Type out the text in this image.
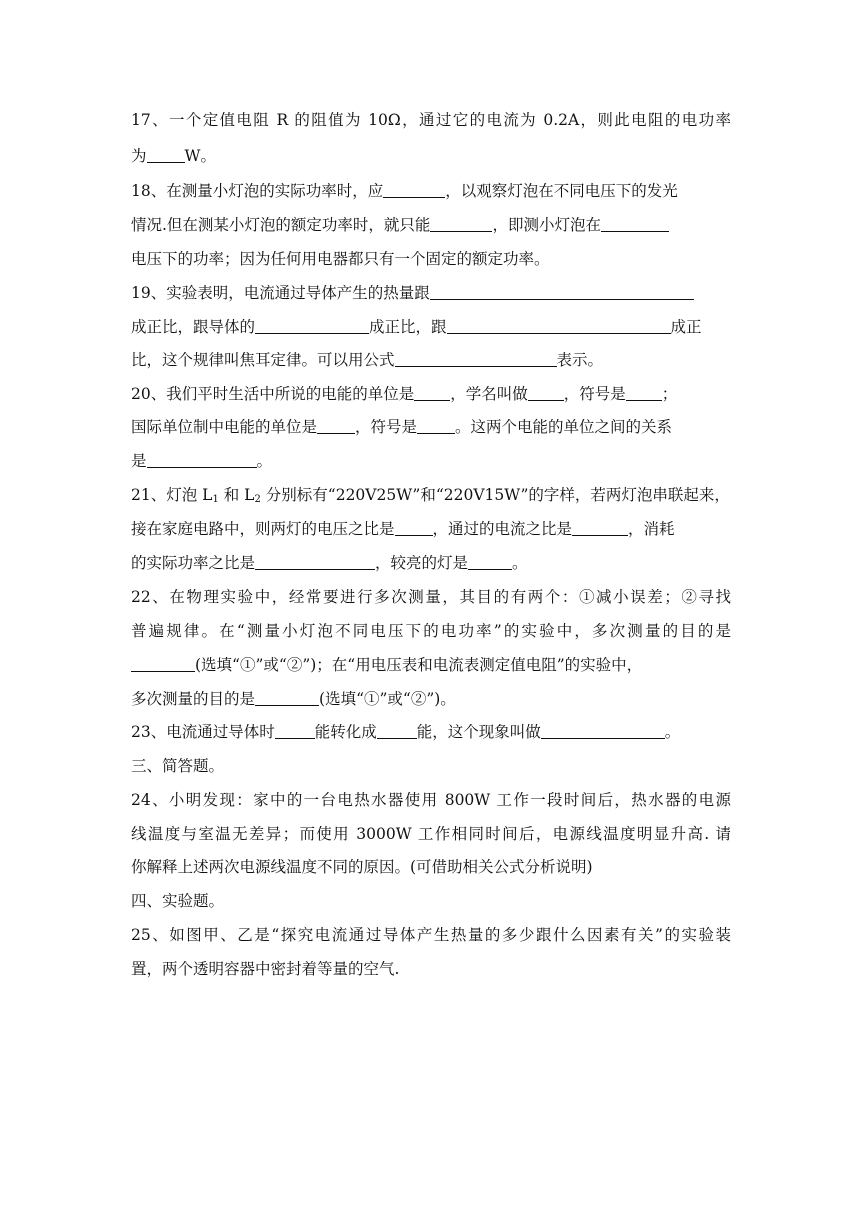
17、一个定值电阻 R 的阻值为 10Ω，通过它的电流为 0.2A，则此电阻的电功率
为 W。
18、在测量小灯泡的实际功率时，应	，以观察灯泡在不同电压下的发光
情况.但在测某小灯泡的额定功率时，就只能	，即测小灯泡在
电压下的功率；因为任何用电器都只有一个固定的额定功率。
19、实验表明，电流通过导体产生的热量跟
成正比，跟导体的	成正比，跟	成正
比，这个规律叫焦耳定律。可以用公式	表示。
20、我们平时生活中所说的电能的单位是 ，学名叫做 ，符号是 ；
国际单位制中电能的单位是 ，符号是 。这两个电能的单位之间的关系
是	。
21、灯泡 $L_1$ 和 $L_2$ 分别标有“220V25W”和“220V15W”的字样，若两灯泡串联起来，
接在家庭电路中，则两灯的电压之比是 ，通过的电流之比是	，消耗
的实际功率之比是	，较亮的灯是	。
22、在物理实验中，经常要进行多次测量，其目的有两个：①减小误差；②寻找
普遍规律。在“测量小灯泡不同电压下的电功率”的实验中，多次测量的目的是
(选填“①”或“②”)；在“用电压表和电流表测定值电阻”的实验中，
多次测量的目的是	(选填“①”或“②”)。
23、电流通过导体时	能转化成	能，这个现象叫做	。
三、简答题。
24、小明发现：家中的一台电热水器使用 800W 工作一段时间后，热水器的电源
线温度与室温无差异；而使用 3000W 工作相同时间后，电源线温度明显升高. 请
你解释上述两次电源线温度不同的原因。(可借助相关公式分析说明)
四、实验题。
25、如图甲、乙是“探究电流通过导体产生热量的多少跟什么因素有关”的实验装
置，两个透明容器中密封着等量的空气.
